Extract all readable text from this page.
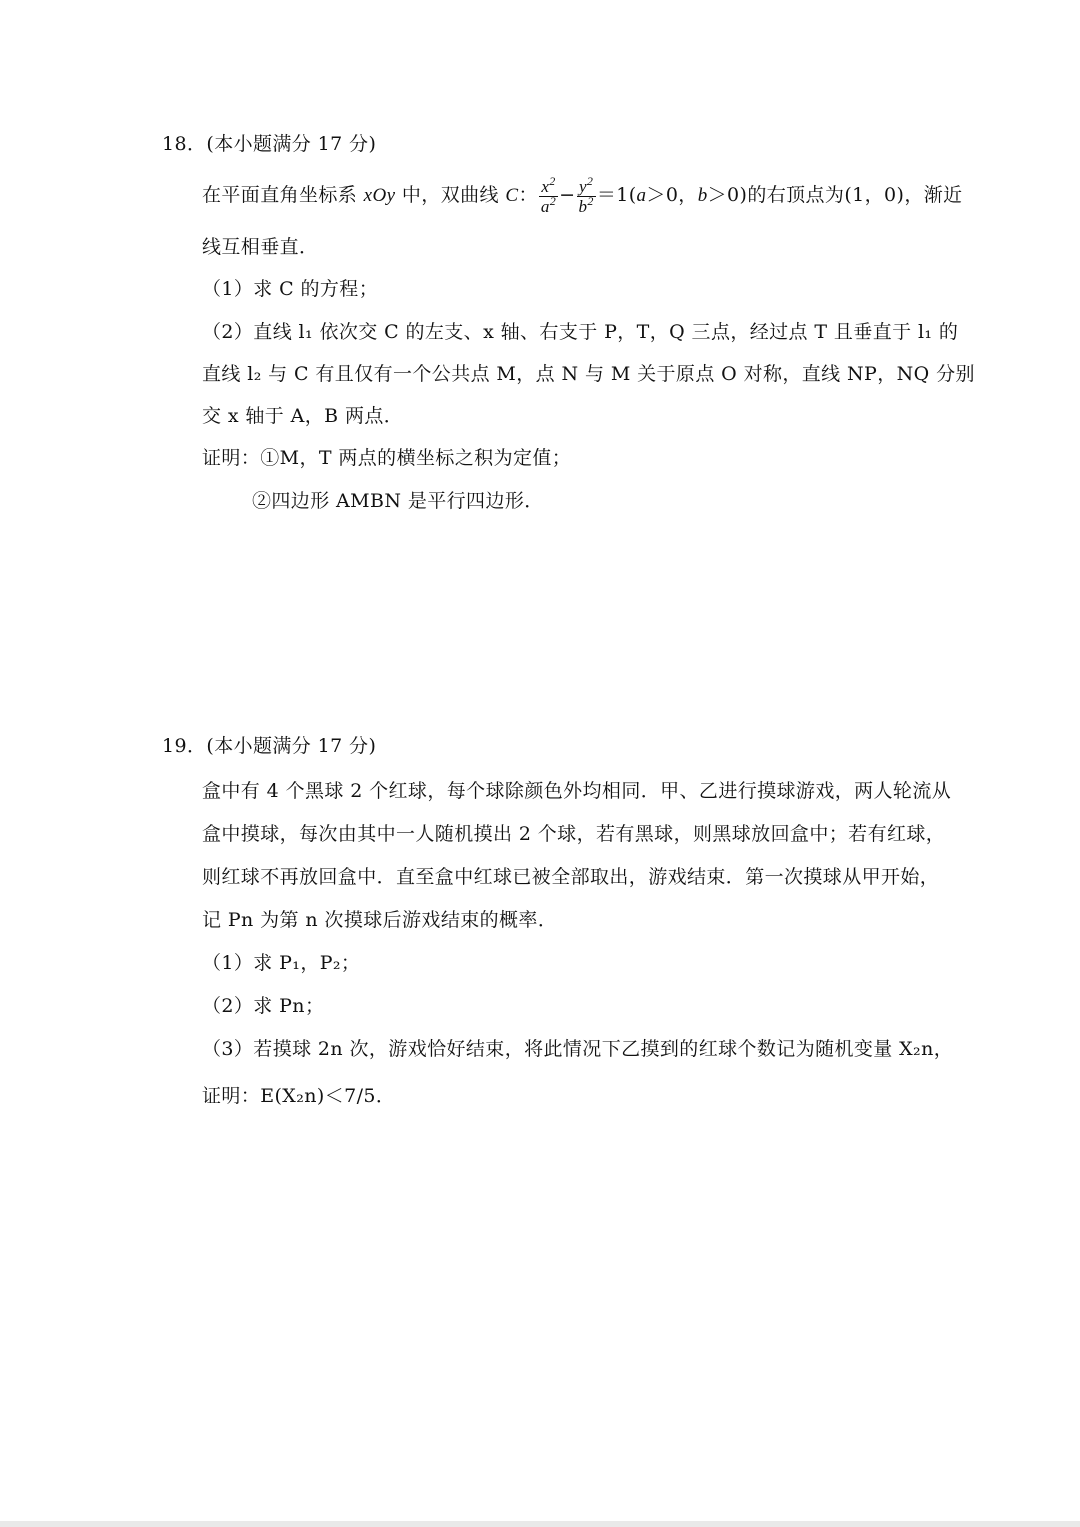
18．(本小题满分 17 分)
在平面直角坐标系 xOy 中，双曲线 C： $\frac{x^2}{a^2} - \frac{y^2}{b^2} =1(a>0$，b＞0)的右顶点为(1，0)，渐近
线互相垂直．
（1）求 C 的方程；
（2）直线 l₁ 依次交 C 的左支、x 轴、右支于 P，T，Q 三点，经过点 T 且垂直于 l₁ 的
直线 l₂ 与 C 有且仅有一个公共点 M，点 N 与 M 关于原点 O 对称，直线 NP，NQ 分别
交 x 轴于 A，B 两点．
证明：①M，T 两点的横坐标之积为定值；
②四边形 AMBN 是平行四边形．
19．(本小题满分 17 分)
盒中有 4 个黑球 2 个红球，每个球除颜色外均相同．甲、乙进行摸球游戏，两人轮流从
盒中摸球，每次由其中一人随机摸出 2 个球，若有黑球，则黑球放回盒中；若有红球，
则红球不再放回盒中．直至盒中红球已被全部取出，游戏结束．第一次摸球从甲开始，
记 Pn 为第 n 次摸球后游戏结束的概率．
（1）求 P₁，P₂；
（2）求 Pn；
（3）若摸球 2n 次，游戏恰好结束，将此情况下乙摸到的红球个数记为随机变量 X₂n，
证明：E(X₂n)＜7/5．
